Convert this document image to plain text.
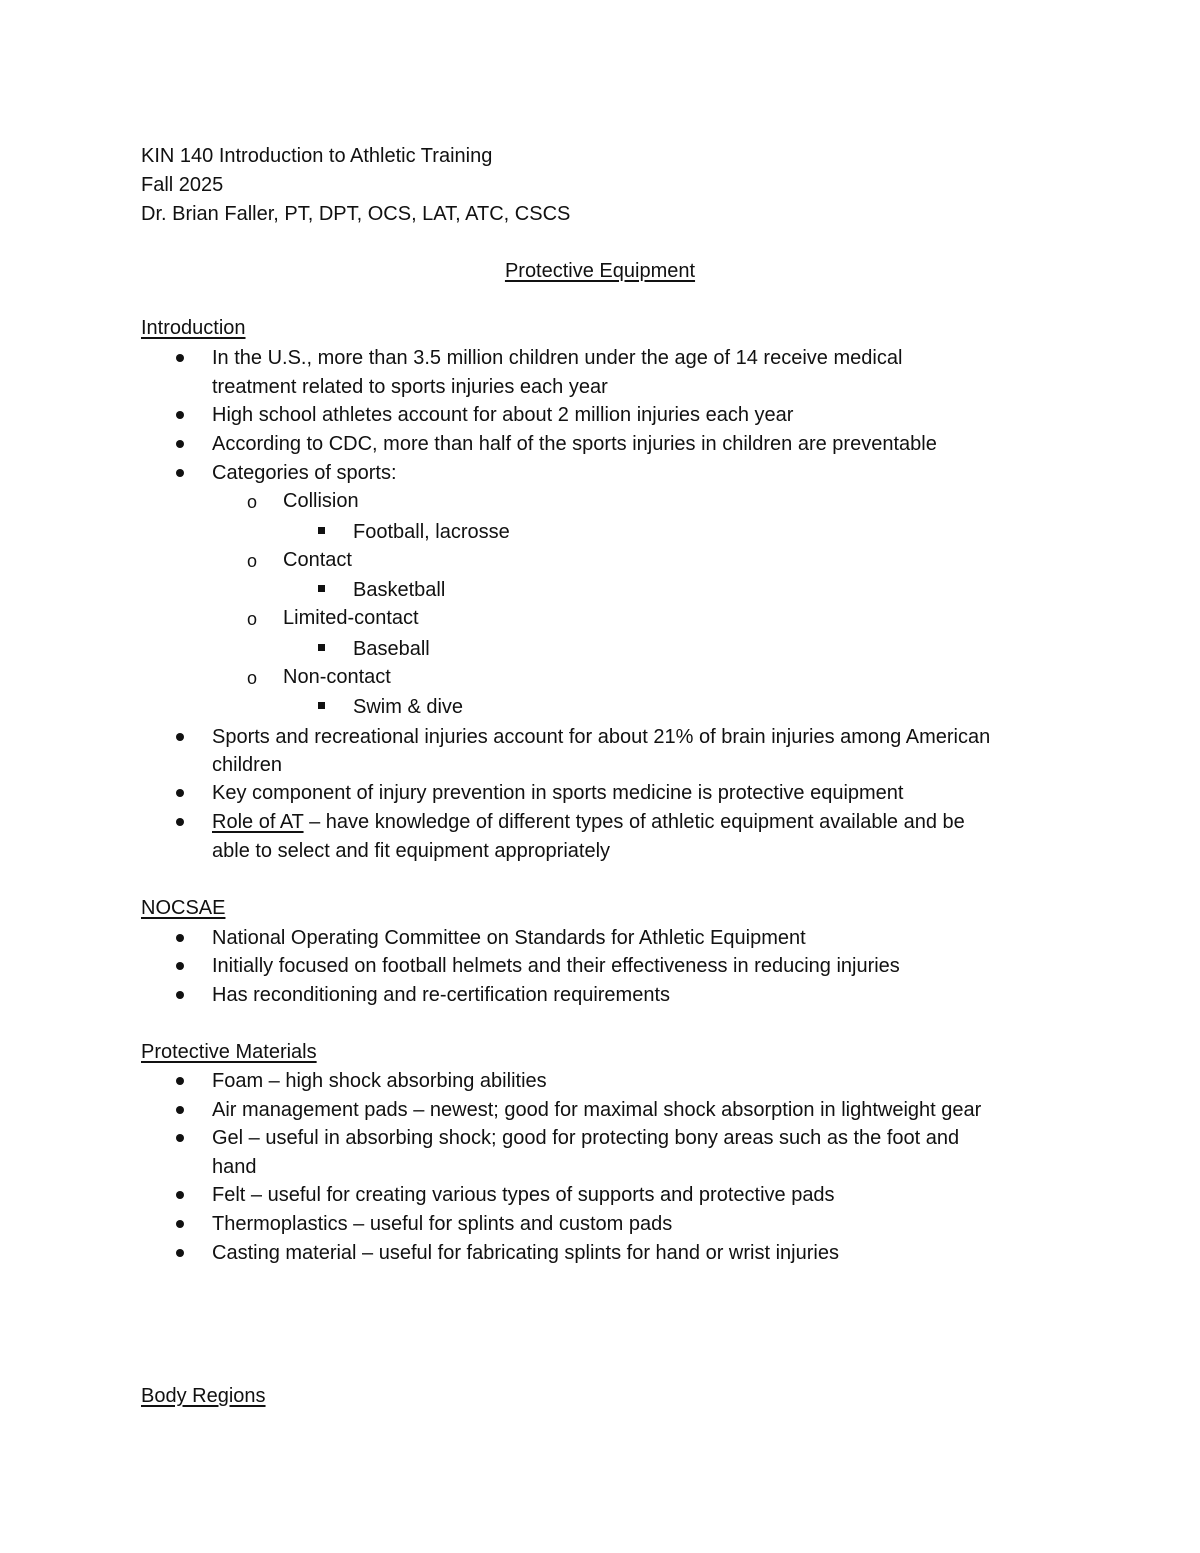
KIN 140 Introduction to Athletic Training
Fall 2025
Dr. Brian Faller, PT, DPT, OCS, LAT, ATC, CSCS
Protective Equipment
Introduction
In the U.S., more than 3.5 million children under the age of 14 receive medical
treatment related to sports injuries each year
High school athletes account for about 2 million injuries each year
According to CDC, more than half of the sports injuries in children are preventable
Categories of sports:
o Collision
Football, lacrosse
o Contact
Basketball
o Limited-contact
Baseball
o Non-contact
Swim & dive
Sports and recreational injuries account for about 21% of brain injuries among American
children
Key component of injury prevention in sports medicine is protective equipment
Role of AT – have knowledge of different types of athletic equipment available and be
able to select and fit equipment appropriately
NOCSAE
National Operating Committee on Standards for Athletic Equipment
Initially focused on football helmets and their effectiveness in reducing injuries
Has reconditioning and re-certification requirements
Protective Materials
Foam – high shock absorbing abilities
Air management pads – newest; good for maximal shock absorption in lightweight gear
Gel – useful in absorbing shock; good for protecting bony areas such as the foot and
hand
Felt – useful for creating various types of supports and protective pads
Thermoplastics – useful for splints and custom pads
Casting material – useful for fabricating splints for hand or wrist injuries
Body Regions
